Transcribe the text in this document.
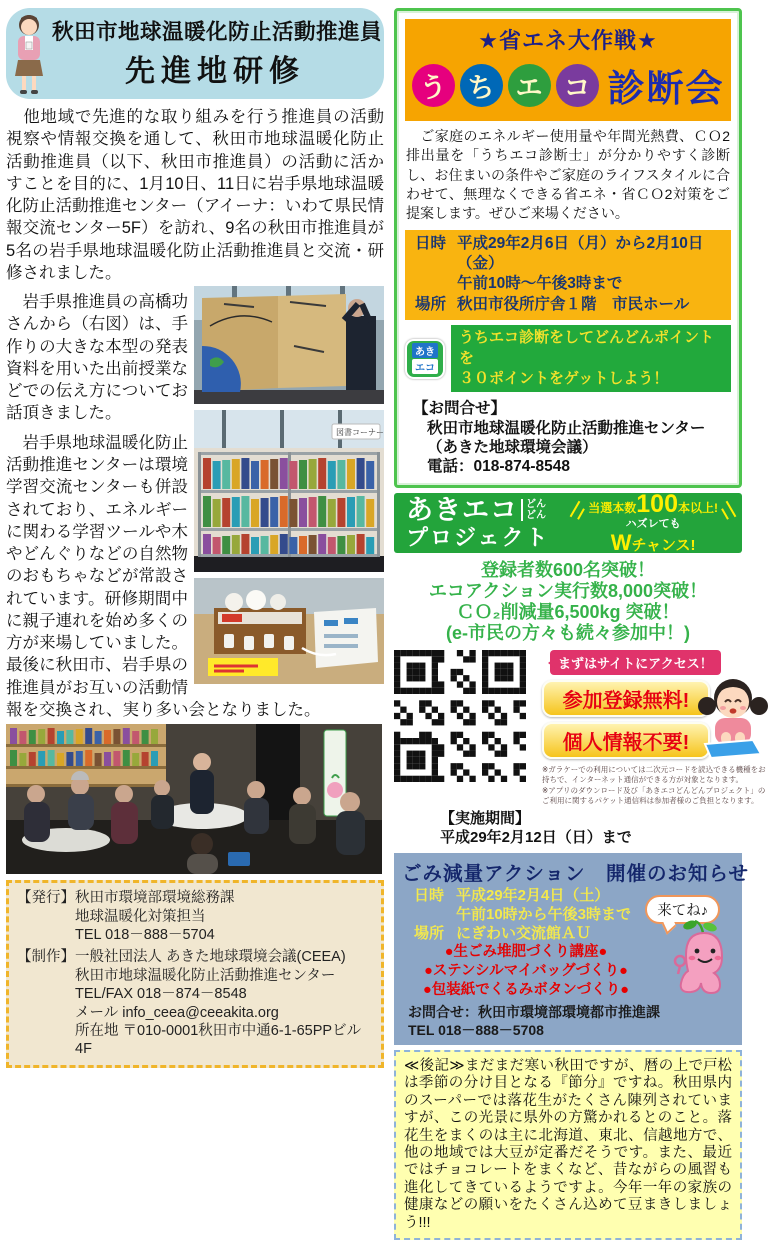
秋田市地球温暖化防止活動推進員
先進地研修

　他地域で先進的な取り組みを行う推進員の活動視察や情報交換を通して、秋田市地球温暖化防止活動推進員（以下、秋田市推進員）の活動に活かすことを目的に、1月10日、11日に岩手県地球温暖化防止活動推進センター（アイーナ：いわて県民情報交流センター5F）を訪れ、9名の秋田市推進員が5名の岩手県地球温暖化防止活動推進員と交流・研修されました。

図書コーナー

　岩手県推進員の高橋功さんから（右図）は、手作りの大きな本型の発表資料を用いた出前授業などでの伝え方についてお話頂きました。

　岩手県地球温暖化防止活動推進センターは環境学習交流センターも併設されており、エネルギーに関わる学習ツールや木やどんぐりなどの自然物のおもちゃなどが常設されています。研修期間中に親子連れを始め多くの方が来場していました。最後に秋田市、岩手県の推進員がお互いの活動情報を交換され、実り多い会となりました。

【発行】 秋田市環境部環境総務課
地球温暖化対策担当
TEL 018－888－5704
【制作】 一般社団法人 あきた地球環境会議(CEEA)
秋田市地球温暖化防止活動推進センター
TEL/FAX 018－874－8548
メール info_ceea@ceeakita.org
所在地 〒010-0001秋田市中通6-1-65PPビル4F
★省エネ大作戦★
う ち エ コ 診断会

　ご家庭のエネルギー使用量や年間光熱費、ＣＯ2排出量を「うちエコ診断士」が分かりやすく診断し、お住まいの条件やご家庭のライフスタイルに合わせて、無理なくできる省エネ・省ＣＯ2対策をご提案します。ぜひご来場ください。

日時 平成29年2月6日（月）から2月10日（金）
午前10時～午後3時まで
場所 秋田市役所庁舎１階　市民ホール
あき
エコ
うちエコ診断をしてどんどんポイントを
３０ポイントをゲットしよう！
【お問合せ】
秋田市地球温暖化防止活動推進センター
（あきた地球環境会議）
電話：018-874-8548
あきエコ どん
どん
プロジェクト
当選本数100本以上!
ハズレても
Wチャンス!
登録者数600名突破！
エコアクション実行数8,000突破！
ＣＯ₂削減量6,500kg 突破！
(e-市民の方々も続々参加中！)
まずはサイトにアクセス！
参加登録無料!
個人情報不要!
※ガラケーでの利用については二次元コードを読込できる機種をお持ちで、インターネット通信ができる方が対象となります。
※アプリのダウンロード及び「あきエコどんどんプロジェクト」のご利用に関するパケット通信料は参加者様のご負担となります。
【実施期間】
平成29年2月12日（日）まで
ごみ減量アクション　開催のお知らせ
日時 平成29年2月4日（土）
午前10時から午後3時まで
場所 にぎわい交流館ＡＵ
●生ごみ堆肥づくり講座●
●ステンシルマイバッグづくり●
●包装紙でくるみボタンづくり●
お問合せ：秋田市環境部環境都市推進課
TEL 018－888－5708
来てね♪
戸松
≪後記≫まだまだ寒い秋田ですが、暦の上では季節の分け目となる『節分』ですね。秋田県内のスーパーでは落花生がたくさん陳列されていますが、この光景に県外の方驚かれるとのこと。落花生をまくのは主に北海道、東北、信越地方で、他の地域では大豆が定番だそうです。また、最近ではチョコレートをまくなど、昔ながらの風習も進化してきているようですよ。今年一年の家族の健康などの願いをたくさん込めて豆まきしましょう!!!
